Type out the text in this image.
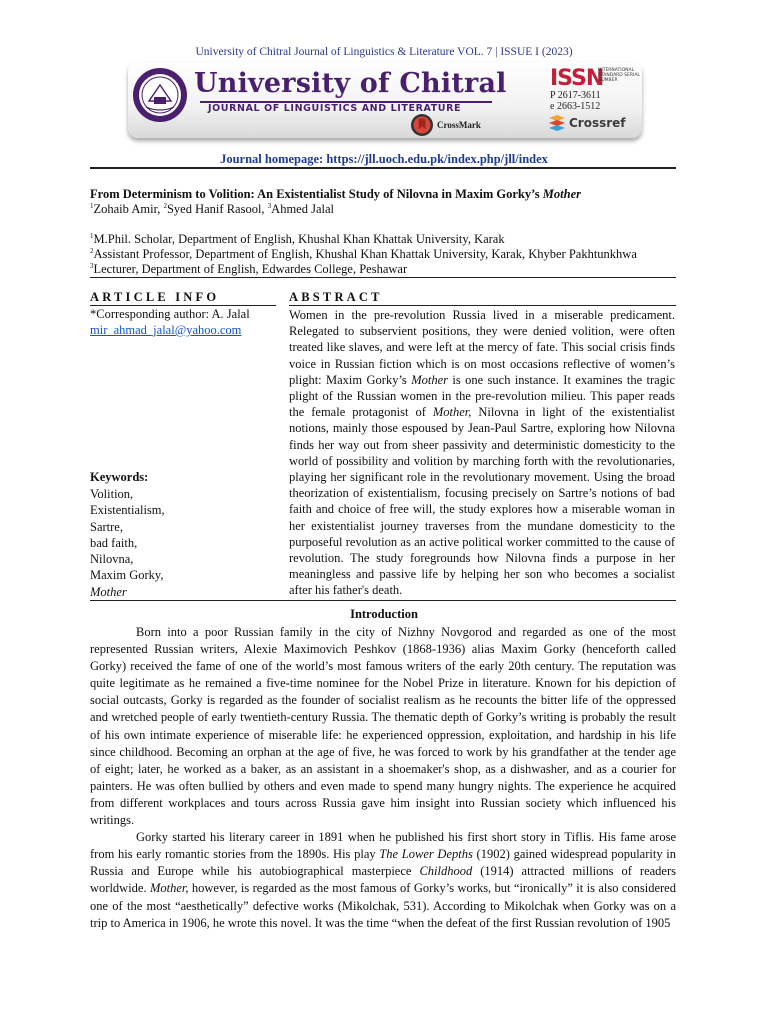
University of Chitral Journal of Linguistics & Literature VOL. 7 | ISSUE I (2023)
University of Chitral
JOURNAL OF LINGUISTICS AND LITERATURE
CrossMark
ISSN
INTERNATIONAL STANDARD SERIAL NUMBER
P 2617-3611
e 2663-1512
Crossref
Journal homepage: https://jll.uoch.edu.pk/index.php/jll/index
From Determinism to Volition: An Existentialist Study of Nilovna in Maxim Gorky’s Mother
$^1$Zohaib Amir, $^2$Syed Hanif Rasool, $^3$Ahmed Jalal
$^1$M.Phil. Scholar, Department of English, Khushal Khan Khattak University, Karak
$^2$Assistant Professor, Department of English, Khushal Khan Khattak University, Karak, Khyber Pakhtunkhwa
$^3$Lecturer, Department of English, Edwardes College, Peshawar
ARTICLE INFO	ABSTRACT
*Corresponding author: A. Jalal
mir_ahmad_jalal@yahoo.com
Keywords:
Volition,
Existentialism,
Sartre,
bad faith,
Nilovna,
Maxim Gorky,
Mother
Women in the pre-revolution Russia lived in a miserable predicament. Relegated to subservient positions, they were denied volition, were often treated like slaves, and were left at the mercy of fate. This social crisis finds voice in Russian fiction which is on most occasions reflective of women’s plight: Maxim Gorky’s Mother is one such instance. It examines the tragic plight of the Russian women in the pre-revolution milieu. This paper reads the female protagonist of Mother, Nilovna in light of the existentialist notions, mainly those espoused by Jean-Paul Sartre, exploring how Nilovna finds her way out from sheer passivity and deterministic domesticity to the world of possibility and volition by marching forth with the revolutionaries, playing her significant role in the revolutionary movement. Using the broad theorization of existentialism, focusing precisely on Sartre’s notions of bad faith and choice of free will, the study explores how a miserable woman in her existentialist journey traverses from the mundane domesticity to the purposeful revolution as an active political worker committed to the cause of revolution. The study foregrounds how Nilovna finds a purpose in her meaningless and passive life by helping her son who becomes a socialist after his father's death.
Introduction

Born into a poor Russian family in the city of Nizhny Novgorod and regarded as one of the most represented Russian writers, Alexie Maximovich Peshkov (1868-1936) alias Maxim Gorky (henceforth called Gorky) received the fame of one of the world’s most famous writers of the early 20th century. The reputation was quite legitimate as he remained a five-time nominee for the Nobel Prize in literature. Known for his depiction of social outcasts, Gorky is regarded as the founder of socialist realism as he recounts the bitter life of the oppressed and wretched people of early twentieth-century Russia. The thematic depth of Gorky’s writing is probably the result of his own intimate experience of miserable life: he experienced oppression, exploitation, and hardship in his life since childhood. Becoming an orphan at the age of five, he was forced to work by his grandfather at the tender age of eight; later, he worked as a baker, as an assistant in a shoemaker's shop, as a dishwasher, and as a courier for painters. He was often bullied by others and even made to spend many hungry nights. The experience he acquired from different workplaces and tours across Russia gave him insight into Russian society which influenced his writings.

Gorky started his literary career in 1891 when he published his first short story in Tiflis. His fame arose from his early romantic stories from the 1890s. His play The Lower Depths (1902) gained widespread popularity in Russia and Europe while his autobiographical masterpiece Childhood (1914) attracted millions of readers worldwide. Mother, however, is regarded as the most famous of Gorky’s works, but “ironically” it is also considered one of the most “aesthetically” defective works (Mikolchak, 531). According to Mikolchak when Gorky was on a trip to America in 1906, he wrote this novel. It was the time “when the defeat of the first Russian revolution of 1905
